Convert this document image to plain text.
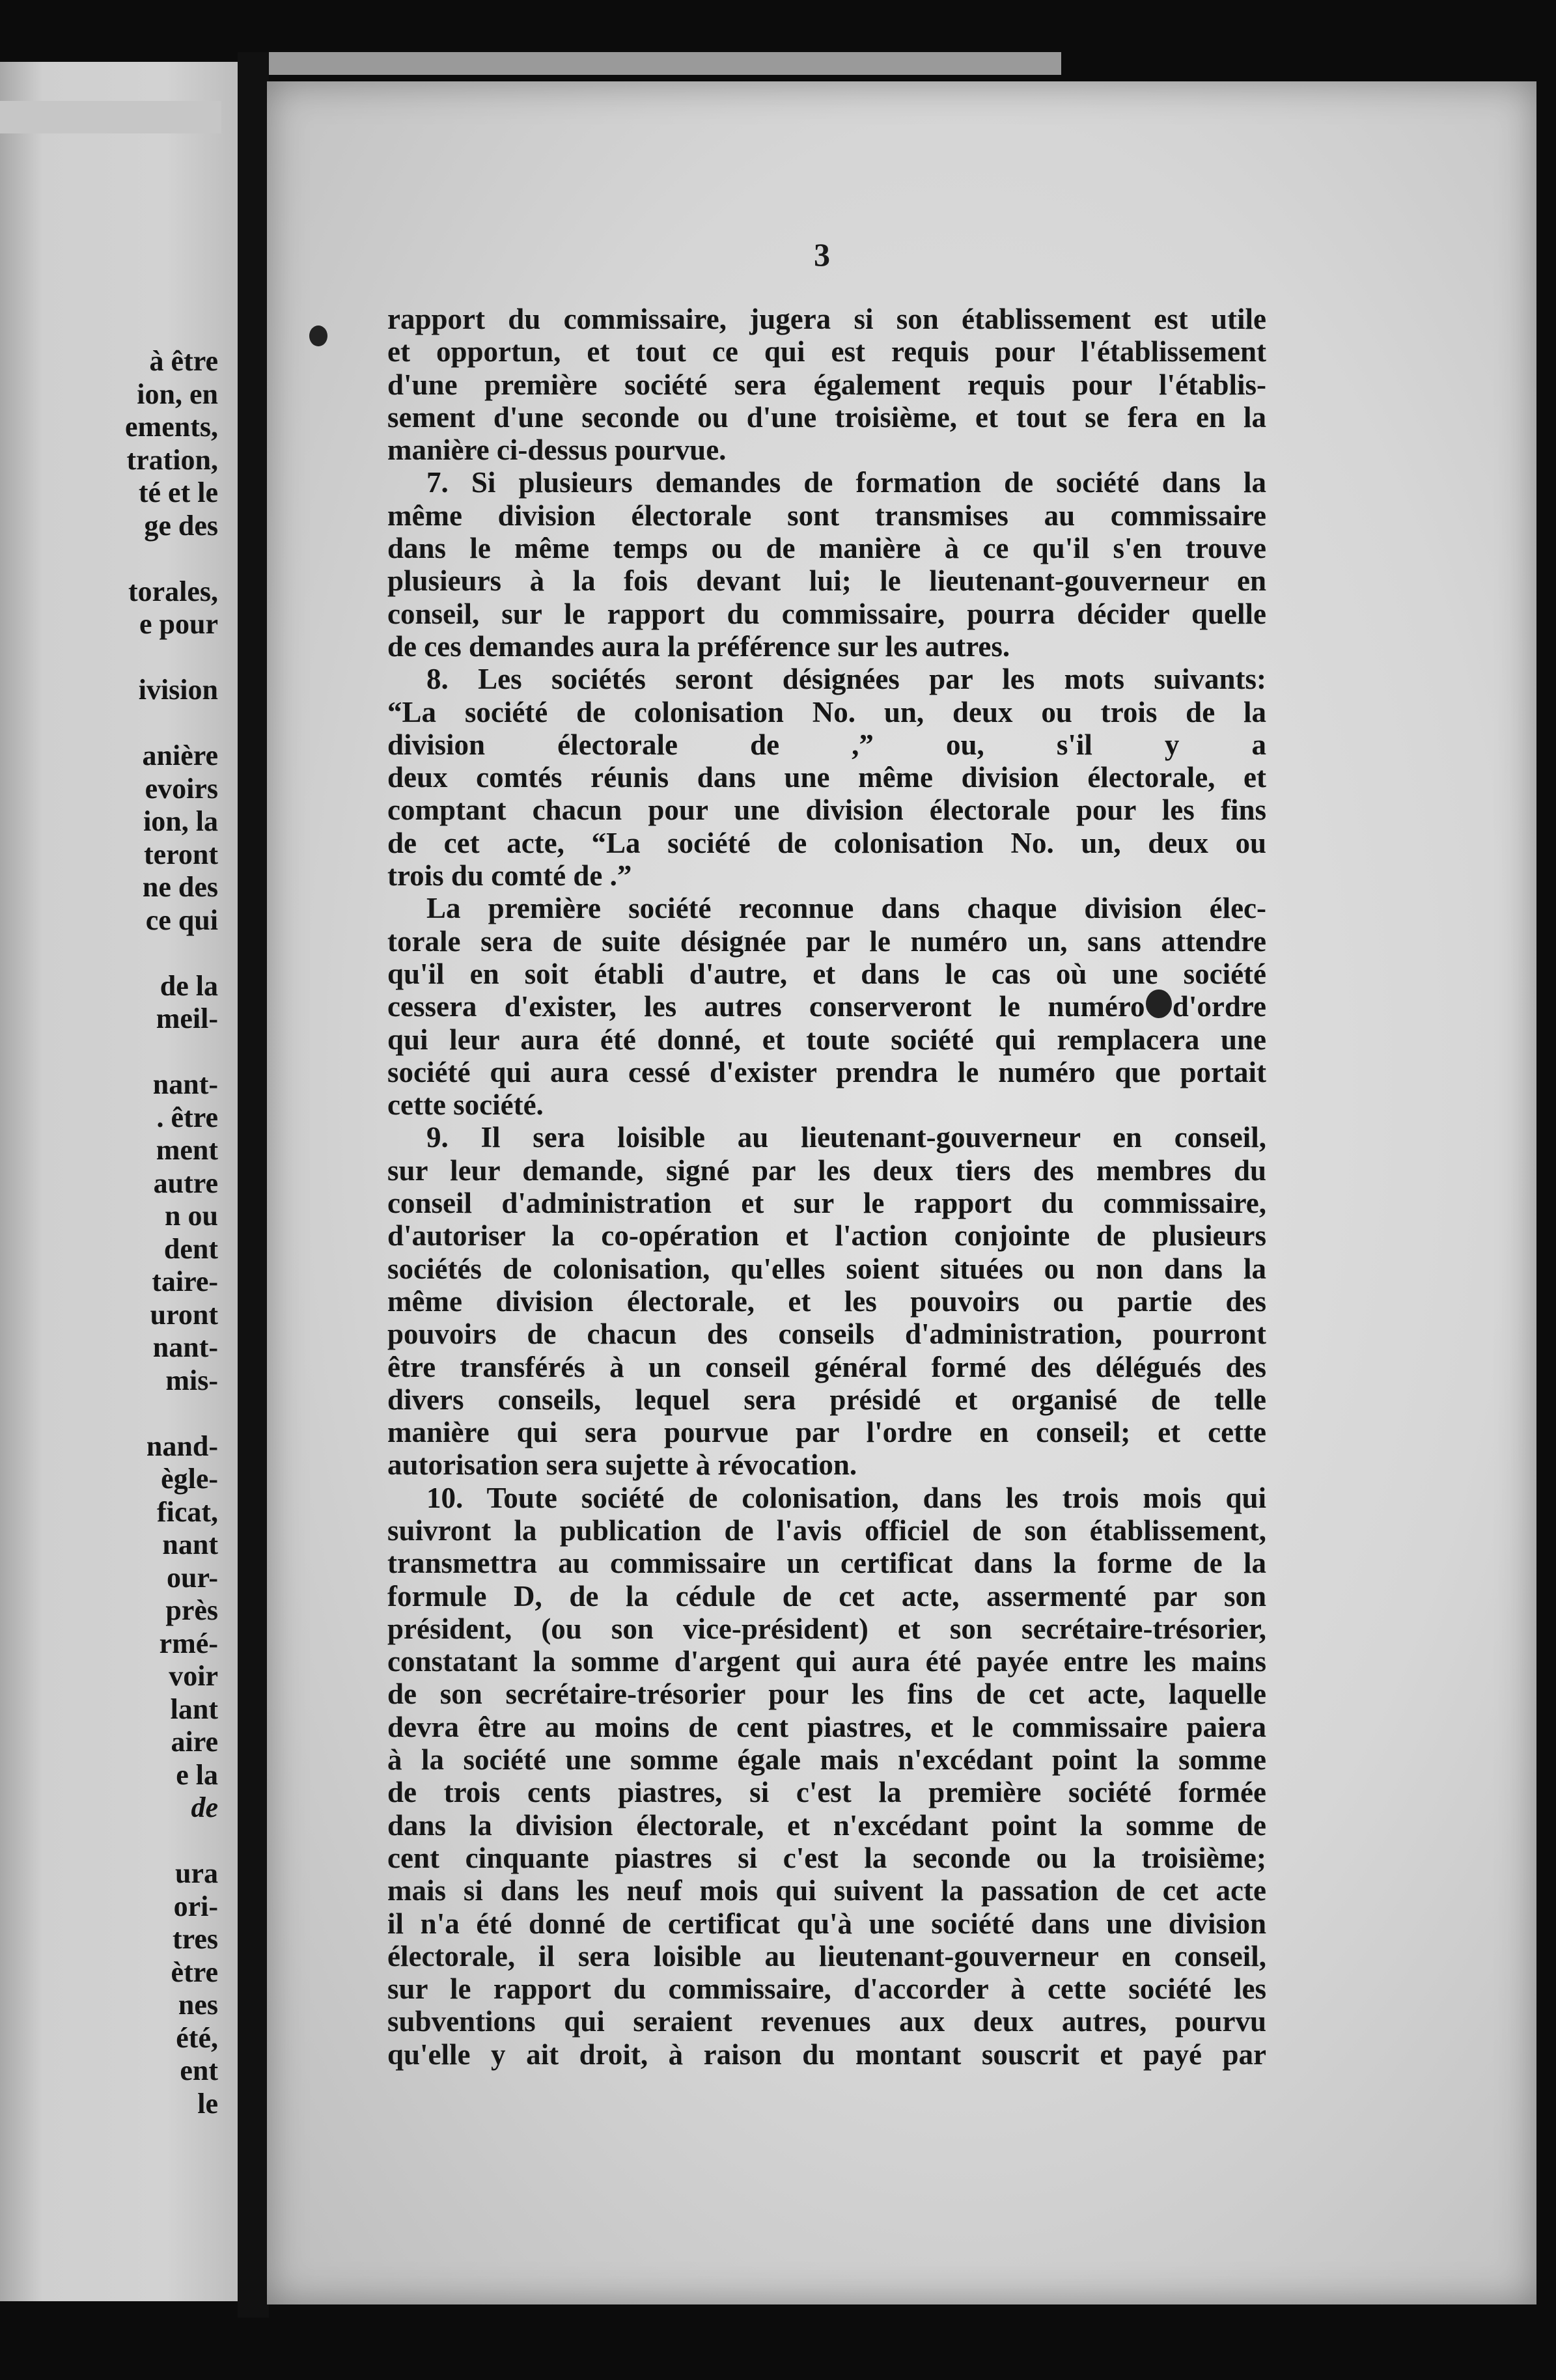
à être
ion, en
ements,
tration,
té et le
ge des

torales,
e pour

ivision

anière
evoirs
ion, la
teront
ne des
ce qui

de la
meil-

nant-
. être
ment
autre
n ou
dent
taire-
uront
nant-
mis-

nand-
ègle-
ficat,
nant
our-
près
rmé-
voir
lant
aire
e la
de

ura
ori-
tres
ètre
nes
été,
ent
le
3
rapport du commissaire, jugera si son établissement est utile
et opportun, et tout ce qui est requis pour l'établissement
d'une première société sera également requis pour l'établis-
sement d'une seconde ou d'une troisième, et tout se fera en la
manière ci-dessus pourvue.
7. Si plusieurs demandes de formation de société dans la
même division électorale sont transmises au commissaire
dans le même temps ou de manière à ce qu'il s'en trouve
plusieurs à la fois devant lui; le lieutenant-gouverneur en
conseil, sur le rapport du commissaire, pourra décider quelle
de ces demandes aura la préférence sur les autres.
8. Les sociétés seront désignées par les mots suivants:
“La société de colonisation No. un, deux ou trois de la
division électorale de ,” ou, s'il y a
deux comtés réunis dans une même division électorale, et
comptant chacun pour une division électorale pour les fins
de cet acte, “La société de colonisation No. un, deux ou
trois du comté de .”
La première société reconnue dans chaque division élec-
torale sera de suite désignée par le numéro un, sans attendre
qu'il en soit établi d'autre, et dans le cas où une société
cessera d'exister, les autres conserveront le numéro d'ordre
qui leur aura été donné, et toute société qui remplacera une
société qui aura cessé d'exister prendra le numéro que portait
cette société.
9. Il sera loisible au lieutenant-gouverneur en conseil,
sur leur demande, signé par les deux tiers des membres du
conseil d'administration et sur le rapport du commissaire,
d'autoriser la co-opération et l'action conjointe de plusieurs
sociétés de colonisation, qu'elles soient situées ou non dans la
même division électorale, et les pouvoirs ou partie des
pouvoirs de chacun des conseils d'administration, pourront
être transférés à un conseil général formé des délégués des
divers conseils, lequel sera présidé et organisé de telle
manière qui sera pourvue par l'ordre en conseil; et cette
autorisation sera sujette à révocation.
10. Toute société de colonisation, dans les trois mois qui
suivront la publication de l'avis officiel de son établissement,
transmettra au commissaire un certificat dans la forme de la
formule D, de la cédule de cet acte, assermenté par son
président, (ou son vice-président) et son secrétaire-trésorier,
constatant la somme d'argent qui aura été payée entre les mains
de son secrétaire-trésorier pour les fins de cet acte, laquelle
devra être au moins de cent piastres, et le commissaire paiera
à la société une somme égale mais n'excédant point la somme
de trois cents piastres, si c'est la première société formée
dans la division électorale, et n'excédant point la somme de
cent cinquante piastres si c'est la seconde ou la troisième;
mais si dans les neuf mois qui suivent la passation de cet acte
il n'a été donné de certificat qu'à une société dans une division
électorale, il sera loisible au lieutenant-gouverneur en conseil,
sur le rapport du commissaire, d'accorder à cette société les
subventions qui seraient revenues aux deux autres, pourvu
qu'elle y ait droit, à raison du montant souscrit et payé par
